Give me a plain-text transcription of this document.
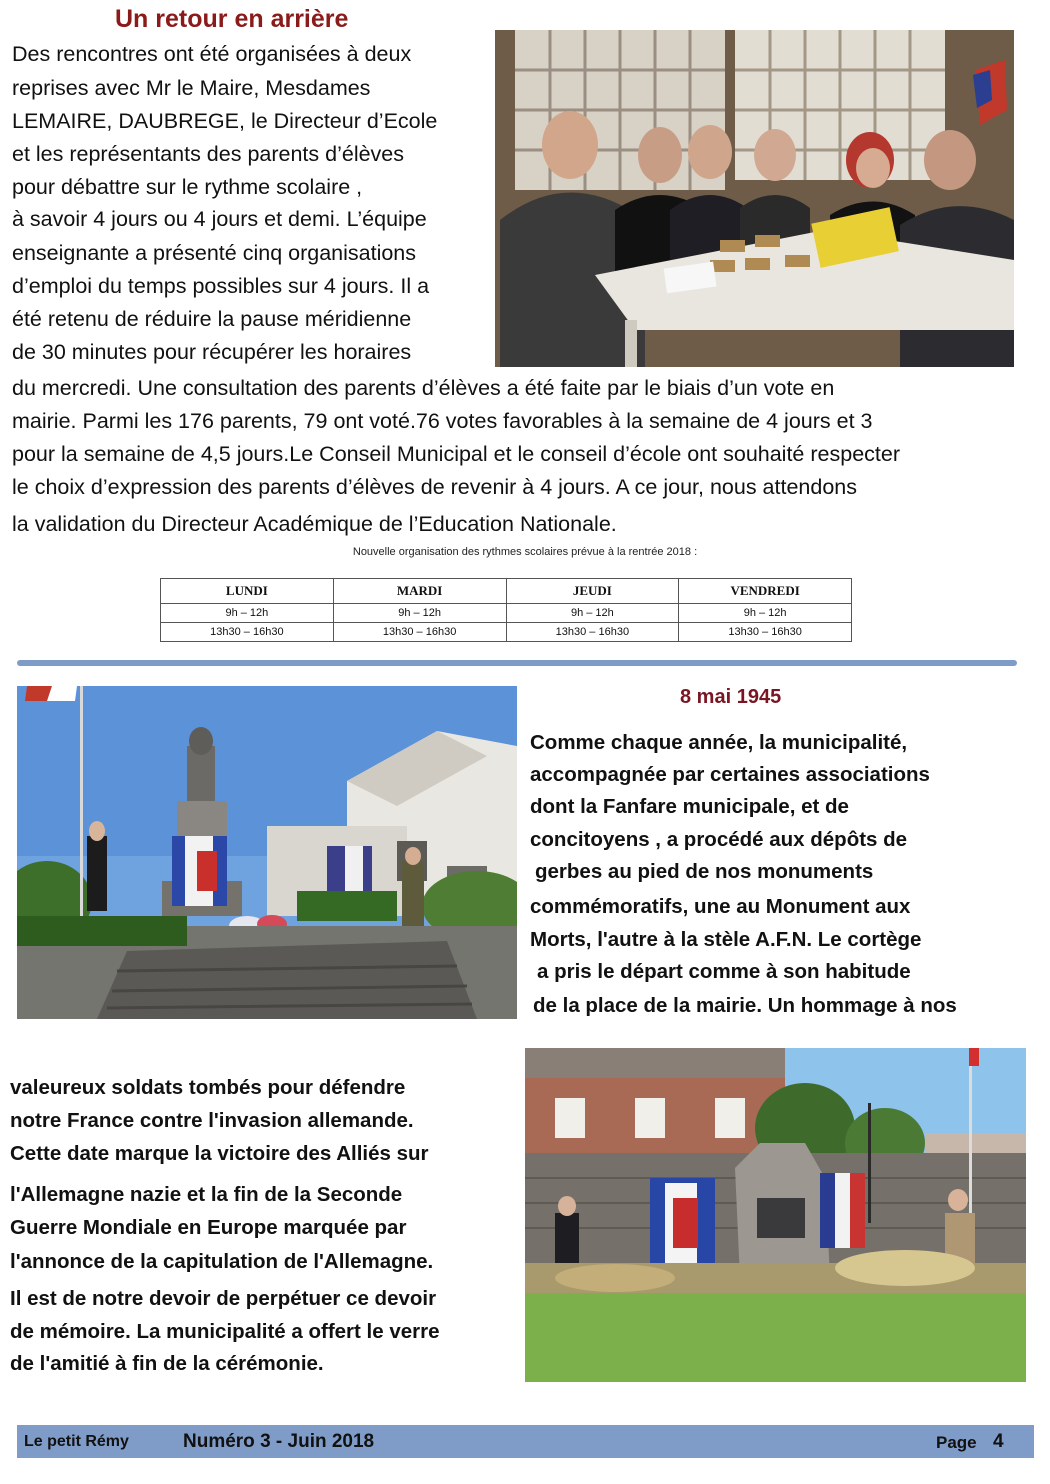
Un retour en arrière
Des rencontres ont été organisées à deux
reprises avec Mr le Maire, Mesdames
LEMAIRE, DAUBREGE, le Directeur d’Ecole
et les représentants des parents d’élèves
pour débattre sur le rythme scolaire ,
à savoir 4 jours ou 4 jours et demi. L’équipe
enseignante a présenté cinq organisations
d’emploi du temps possibles sur 4 jours. Il a
été retenu de réduire la pause méridienne
de 30 minutes pour récupérer les horaires
du mercredi. Une consultation des parents d’élèves a été faite par le biais d’un vote en
mairie. Parmi les 176 parents, 79 ont voté.76 votes favorables à la semaine de 4 jours et 3
pour la semaine de 4,5 jours.Le Conseil Municipal et le conseil d’école ont souhaité respecter
le choix d’expression des parents d’élèves de revenir à 4 jours. A ce jour, nous attendons
la validation du Directeur Académique de l’Education Nationale.
Nouvelle organisation des rythmes scolaires prévue à la rentrée 2018 :
LUNDI	MARDI	JEUDI	VENDREDI
9h – 12h	9h – 12h	9h – 12h	9h – 12h
13h30 – 16h30	13h30 – 16h30	13h30 – 16h30	13h30 – 16h30
8 mai 1945
Comme chaque année, la municipalité,
accompagnée par certaines associations
dont la Fanfare municipale, et de
concitoyens , a procédé aux dépôts de
gerbes au pied de nos monuments
commémoratifs, une au Monument aux
Morts, l'autre à la stèle A.F.N. Le cortège
a pris le départ comme à son habitude
de la place de la mairie. Un hommage à nos
valeureux soldats tombés pour défendre
notre France contre l'invasion allemande.
Cette date marque la victoire des Alliés sur
l'Allemagne nazie et la fin de la Seconde
Guerre Mondiale en Europe marquée par
l'annonce de la capitulation de l'Allemagne.
Il est de notre devoir de perpétuer ce devoir
de mémoire. La municipalité a offert le verre
de l'amitié à fin de la cérémonie.
Le petit Rémy	Numéro 3 - Juin 2018	Page 4
